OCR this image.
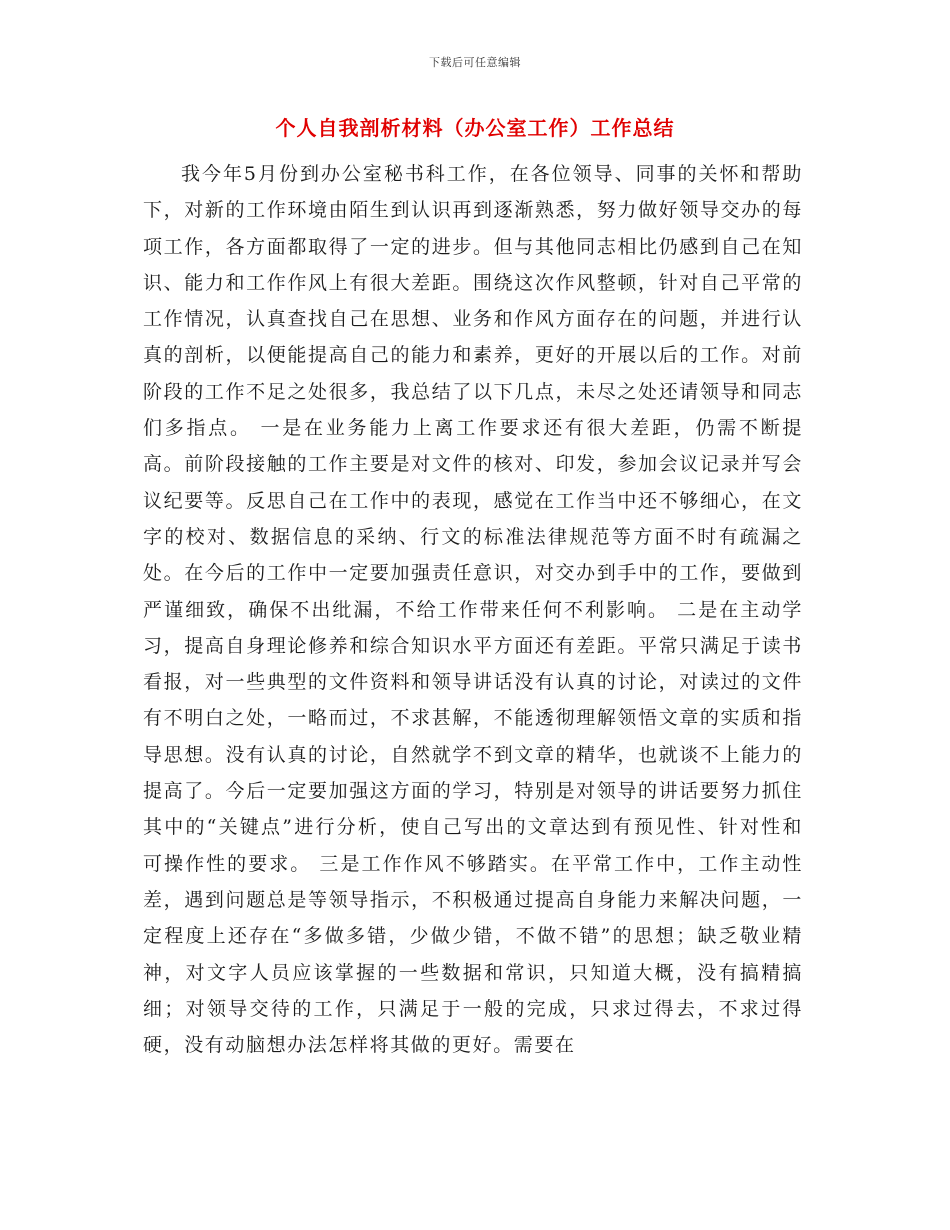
下载后可任意编辑
个人自我剖析材料（办公室工作）工作总结

我今年5月份到办公室秘书科工作，在各位领导、同事的关怀和帮助下，对新的工作环境由陌生到认识再到逐渐熟悉，努力做好领导交办的每项工作，各方面都取得了一定的进步。但与其他同志相比仍感到自己在知识、能力和工作作风上有很大差距。围绕这次作风整顿，针对自己平常的工作情况，认真查找自己在思想、业务和作风方面存在的问题，并进行认真的剖析，以便能提高自己的能力和素养，更好的开展以后的工作。对前阶段的工作不足之处很多，我总结了以下几点，未尽之处还请领导和同志们多指点。 一是在业务能力上离工作要求还有很大差距，仍需不断提高。前阶段接触的工作主要是对文件的核对、印发，参加会议记录并写会议纪要等。反思自己在工作中的表现，感觉在工作当中还不够细心，在文字的校对、数据信息的采纳、行文的标准法律规范等方面不时有疏漏之处。在今后的工作中一定要加强责任意识，对交办到手中的工作，要做到严谨细致，确保不出纰漏，不给工作带来任何不利影响。 二是在主动学习，提高自身理论修养和综合知识水平方面还有差距。平常只满足于读书看报，对一些典型的文件资料和领导讲话没有认真的讨论，对读过的文件有不明白之处，一略而过，不求甚解，不能透彻理解领悟文章的实质和指导思想。没有认真的讨论，自然就学不到文章的精华，也就谈不上能力的提高了。今后一定要加强这方面的学习，特别是对领导的讲话要努力抓住其中的“关键点”进行分析，使自己写出的文章达到有预见性、针对性和可操作性的要求。 三是工作作风不够踏实。在平常工作中，工作主动性差，遇到问题总是等领导指示，不积极通过提高自身能力来解决问题，一定程度上还存在“多做多错，少做少错，不做不错”的思想；缺乏敬业精神，对文字人员应该掌握的一些数据和常识，只知道大概，没有搞精搞细；对领导交待的工作，只满足于一般的完成，只求过得去，不求过得硬，没有动脑想办法怎样将其做的更好。需要在
